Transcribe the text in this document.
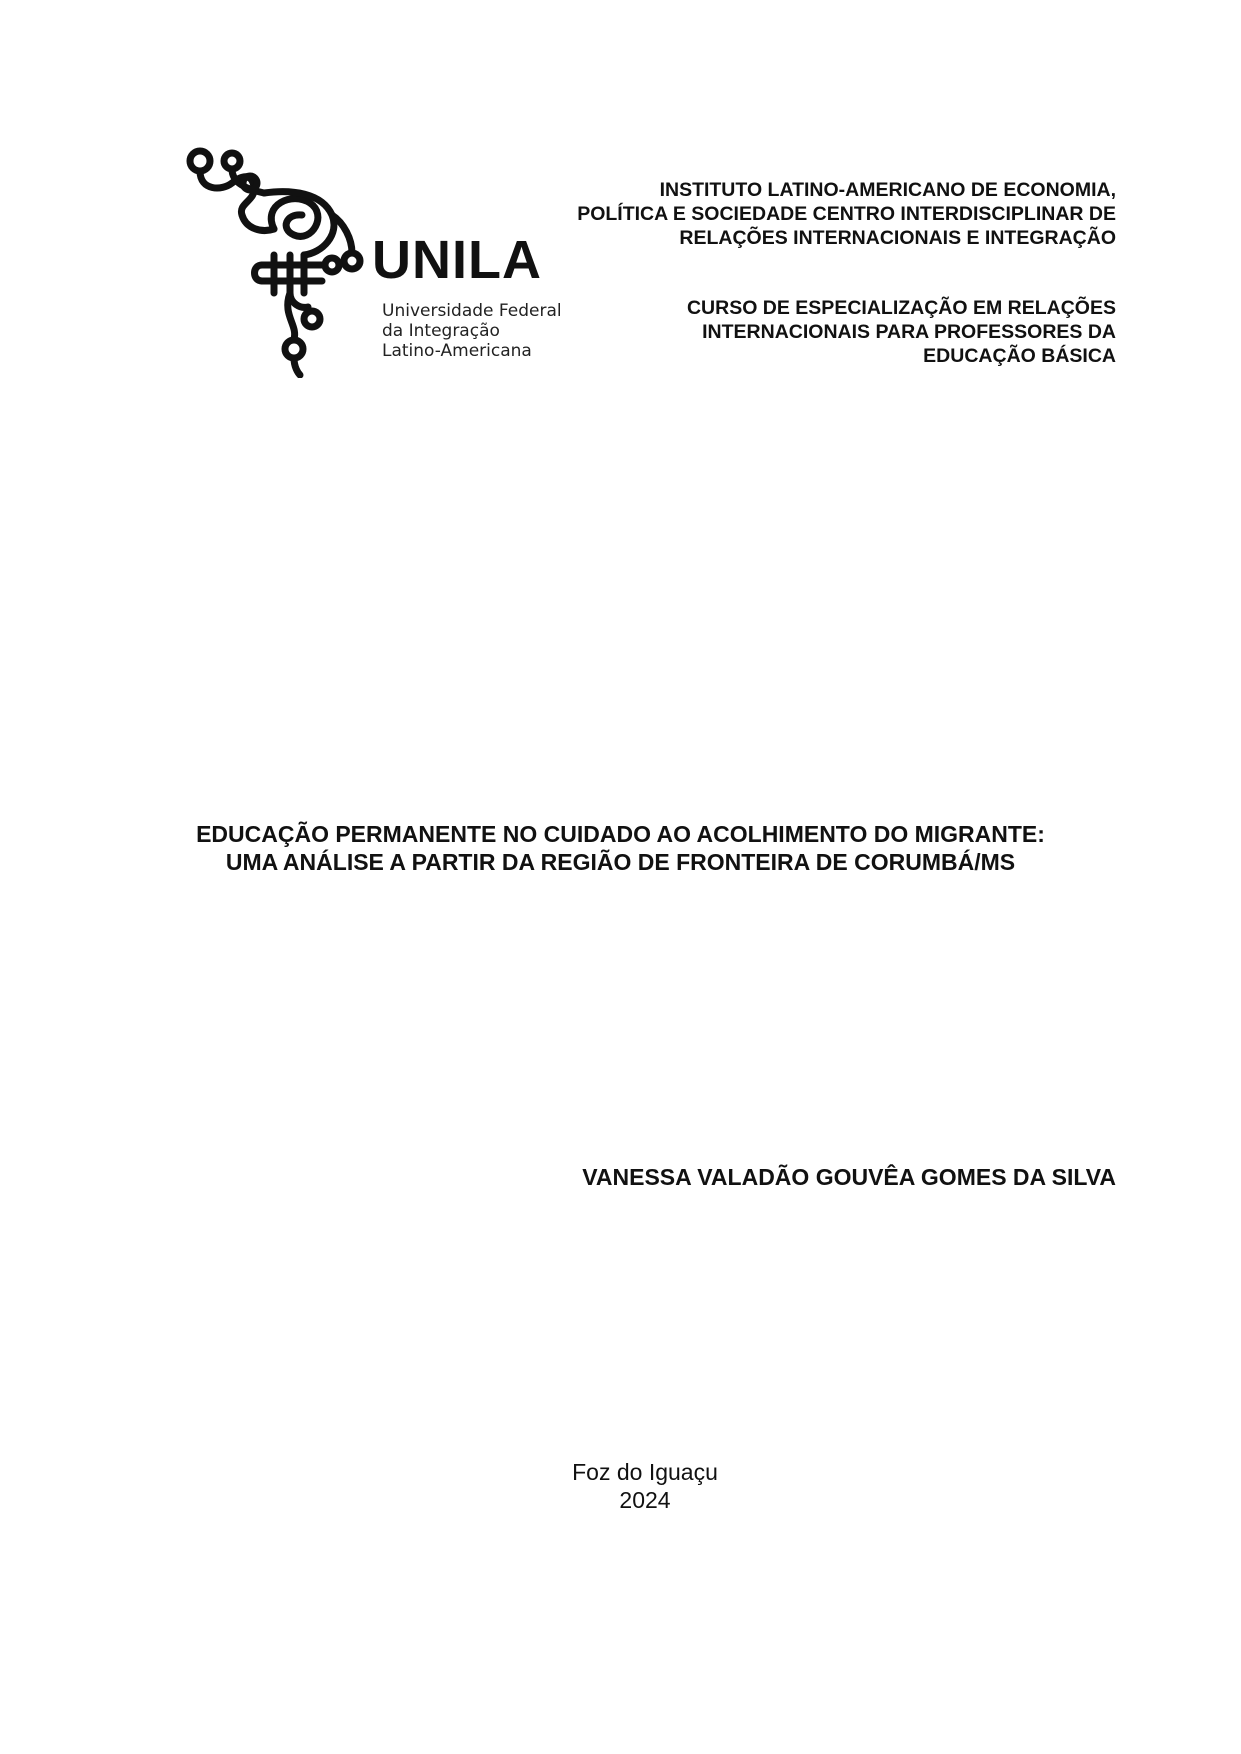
UNILA
Universidade Federal
da Integração
Latino-Americana
INSTITUTO LATINO-AMERICANO DE ECONOMIA,
POLÍTICA E SOCIEDADE CENTRO INTERDISCIPLINAR DE
RELAÇÕES INTERNACIONAIS E INTEGRAÇÃO
CURSO DE ESPECIALIZAÇÃO EM RELAÇÕES
INTERNACIONAIS PARA PROFESSORES DA
EDUCAÇÃO BÁSICA
EDUCAÇÃO PERMANENTE NO CUIDADO AO ACOLHIMENTO DO MIGRANTE:
UMA ANÁLISE A PARTIR DA REGIÃO DE FRONTEIRA DE CORUMBÁ/MS
VANESSA VALADÃO GOUVÊA GOMES DA SILVA
Foz do Iguaçu
2024
